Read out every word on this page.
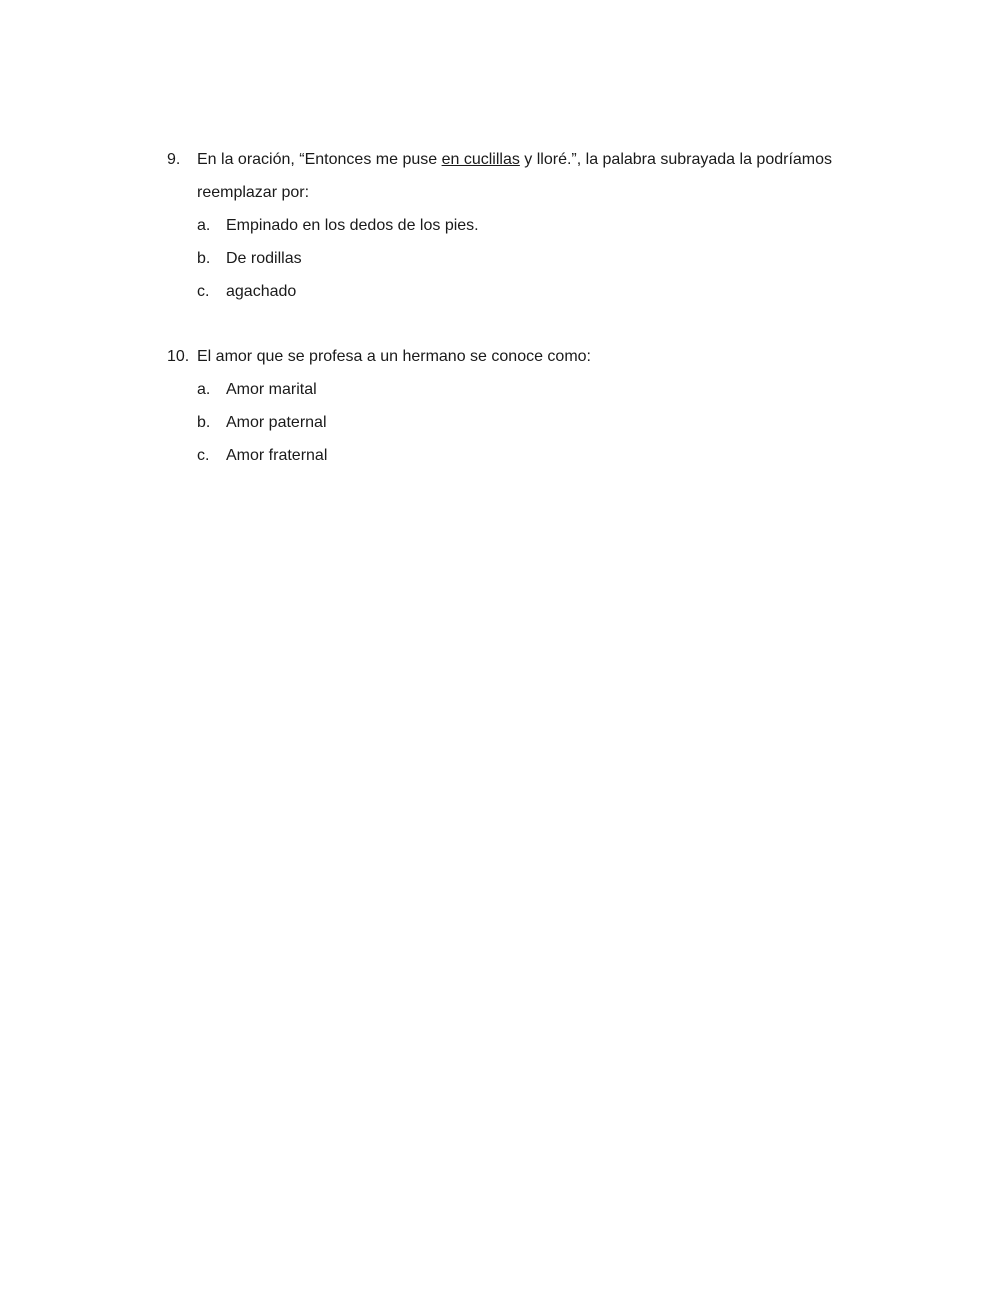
9.	En la oración, “Entonces me puse en cuclillas y lloré.”, la palabra subrayada la podríamos
reemplazar por:
a. Empinado en los dedos de los pies.
b. De rodillas
c.	agachado
10. El amor que se profesa a un hermano se conoce como:
a. Amor marital
b. Amor paternal
c.	Amor fraternal
